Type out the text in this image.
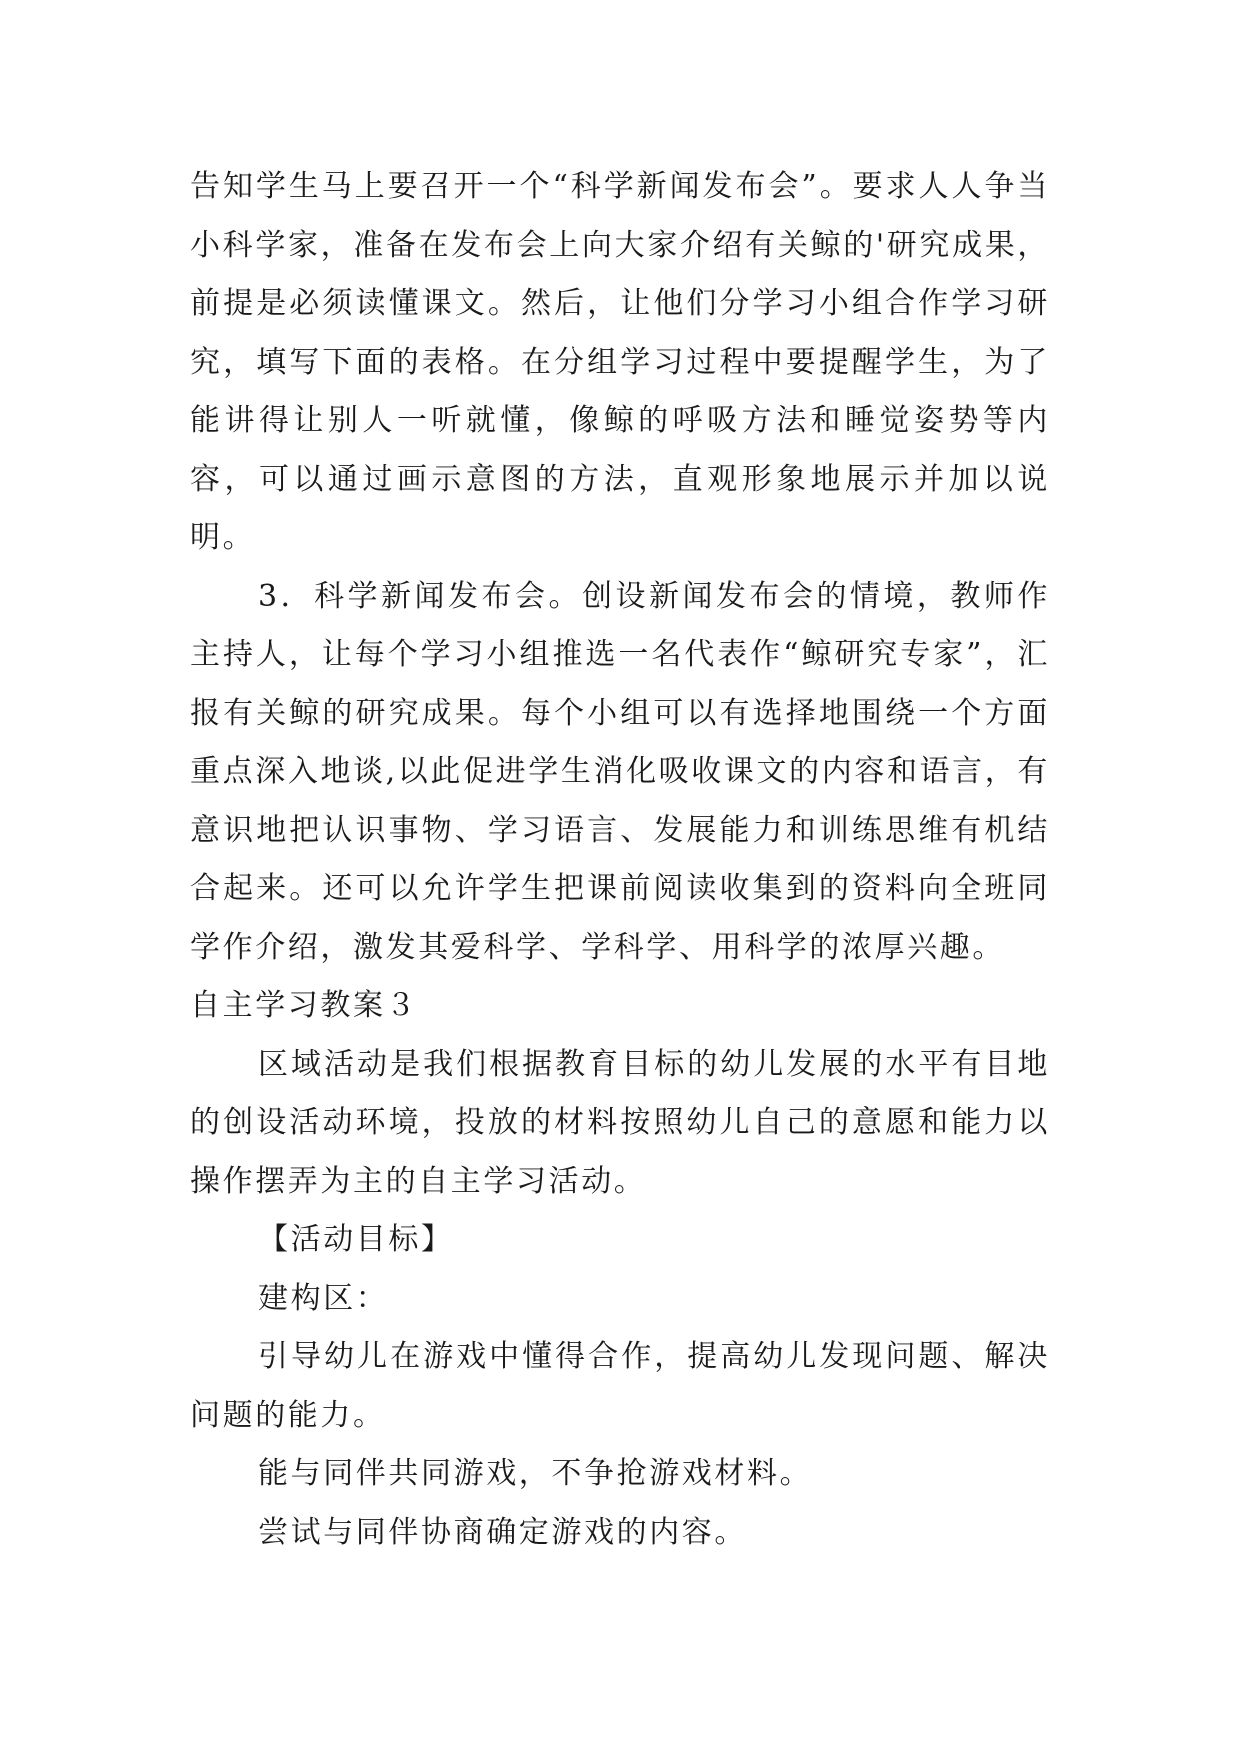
告知学生马上要召开一个“科学新闻发布会”。要求人人争当小科学家，准备在发布会上向大家介绍有关鲸的'研究成果，前提是必须读懂课文。然后，让他们分学习小组合作学习研究，填写下面的表格。在分组学习过程中要提醒学生，为了能讲得让别人一听就懂，像鲸的呼吸方法和睡觉姿势等内容，可以通过画示意图的方法，直观形象地展示并加以说明。

3．科学新闻发布会。创设新闻发布会的情境，教师作主持人，让每个学习小组推选一名代表作“鲸研究专家”，汇报有关鲸的研究成果。每个小组可以有选择地围绕一个方面重点深入地谈,以此促进学生消化吸收课文的内容和语言，有意识地把认识事物、学习语言、发展能力和训练思维有机结合起来。还可以允许学生把课前阅读收集到的资料向全班同学作介绍，激发其爱科学、学科学、用科学的浓厚兴趣。

自主学习教案３

区域活动是我们根据教育目标的幼儿发展的水平有目地的创设活动环境，投放的材料按照幼儿自己的意愿和能力以操作摆弄为主的自主学习活动。

【活动目标】

建构区：

引导幼儿在游戏中懂得合作，提高幼儿发现问题、解决问题的能力。

能与同伴共同游戏，不争抢游戏材料。

尝试与同伴协商确定游戏的内容。
